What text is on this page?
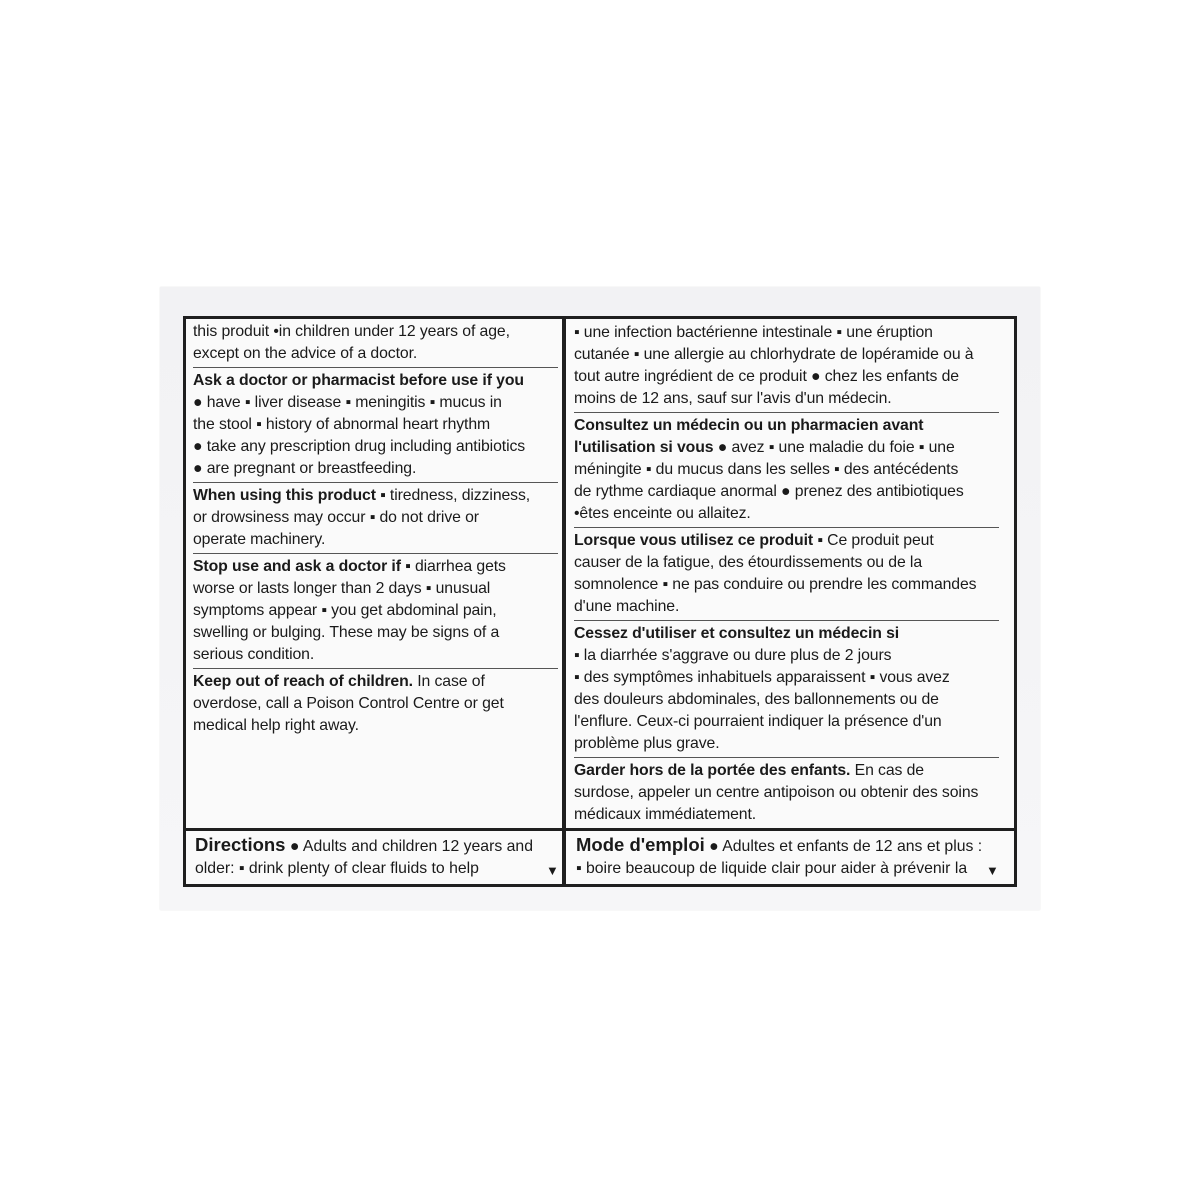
this produit •in children under 12 years of age,
except on the advice of a doctor.
Ask a doctor or pharmacist before use if you
● have ▪ liver disease ▪ meningitis ▪ mucus in
the stool ▪ history of abnormal heart rhythm
● take any prescription drug including antibiotics
● are pregnant or breastfeeding.
When using this product ▪ tiredness, dizziness,
or drowsiness may occur ▪ do not drive or
operate machinery.
Stop use and ask a doctor if ▪ diarrhea gets
worse or lasts longer than 2 days ▪ unusual
symptoms appear ▪ you get abdominal pain,
swelling or bulging. These may be signs of a
serious condition.
Keep out of reach of children. In case of
overdose, call a Poison Control Centre or get
medical help right away.
▪ une infection bactérienne intestinale ▪ une éruption
cutanée ▪ une allergie au chlorhydrate de lopéramide ou à
tout autre ingrédient de ce produit ● chez les enfants de
moins de 12 ans, sauf sur l'avis d'un médecin.
Consultez un médecin ou un pharmacien avant
l'utilisation si vous ● avez ▪ une maladie du foie ▪ une
méningite ▪ du mucus dans les selles ▪ des antécédents
de rythme cardiaque anormal ● prenez des antibiotiques
•êtes enceinte ou allaitez.
Lorsque vous utilisez ce produit ▪ Ce produit peut
causer de la fatigue, des étourdissements ou de la
somnolence ▪ ne pas conduire ou prendre les commandes
d'une machine.
Cessez d'utiliser et consultez un médecin si
▪ la diarrhée s'aggrave ou dure plus de 2 jours
▪ des symptômes inhabituels apparaissent ▪ vous avez
des douleurs abdominales, des ballonnements ou de
l'enflure. Ceux-ci pourraient indiquer la présence d'un
problème plus grave.
Garder hors de la portée des enfants. En cas de
surdose, appeler un centre antipoison ou obtenir des soins
médicaux immédiatement.
Directions ● Adults and children 12 years and
older: ▪ drink plenty of clear fluids to help	▼
Mode d'emploi ● Adultes et enfants de 12 ans et plus :
▪ boire beaucoup de liquide clair pour aider à prévenir la	▼
